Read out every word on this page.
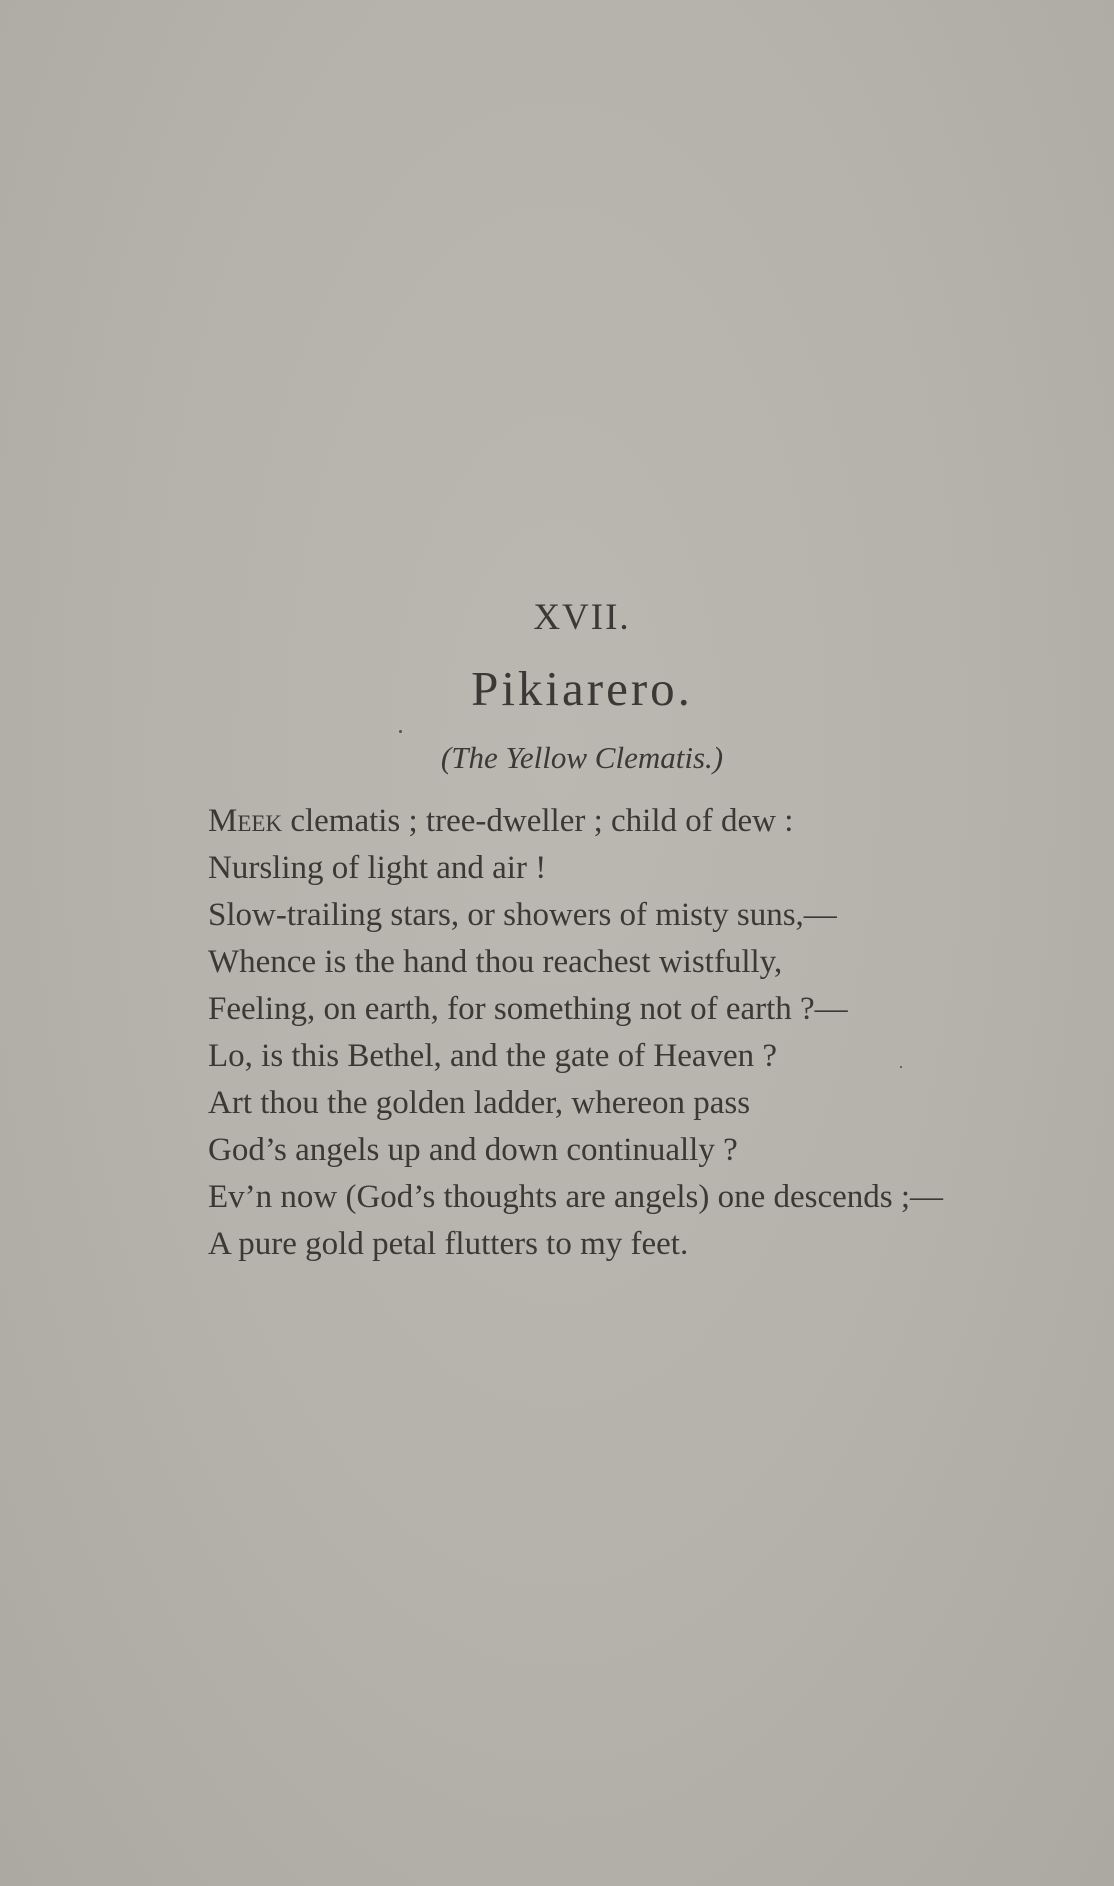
XVII.
Pikiarero.
(The Yellow Clematis.)
Meek clematis ; tree-dweller ; child of dew :
Nursling of light and air !
Slow-trailing stars, or showers of misty suns,—
Whence is the hand thou reachest wistfully,
Feeling, on earth, for something not of earth ?—
Lo, is this Bethel, and the gate of Heaven ?
Art thou the golden ladder, whereon pass
God’s angels up and down continually ?
Ev’n now (God’s thoughts are angels) one descends ;—
A pure gold petal flutters to my feet.
